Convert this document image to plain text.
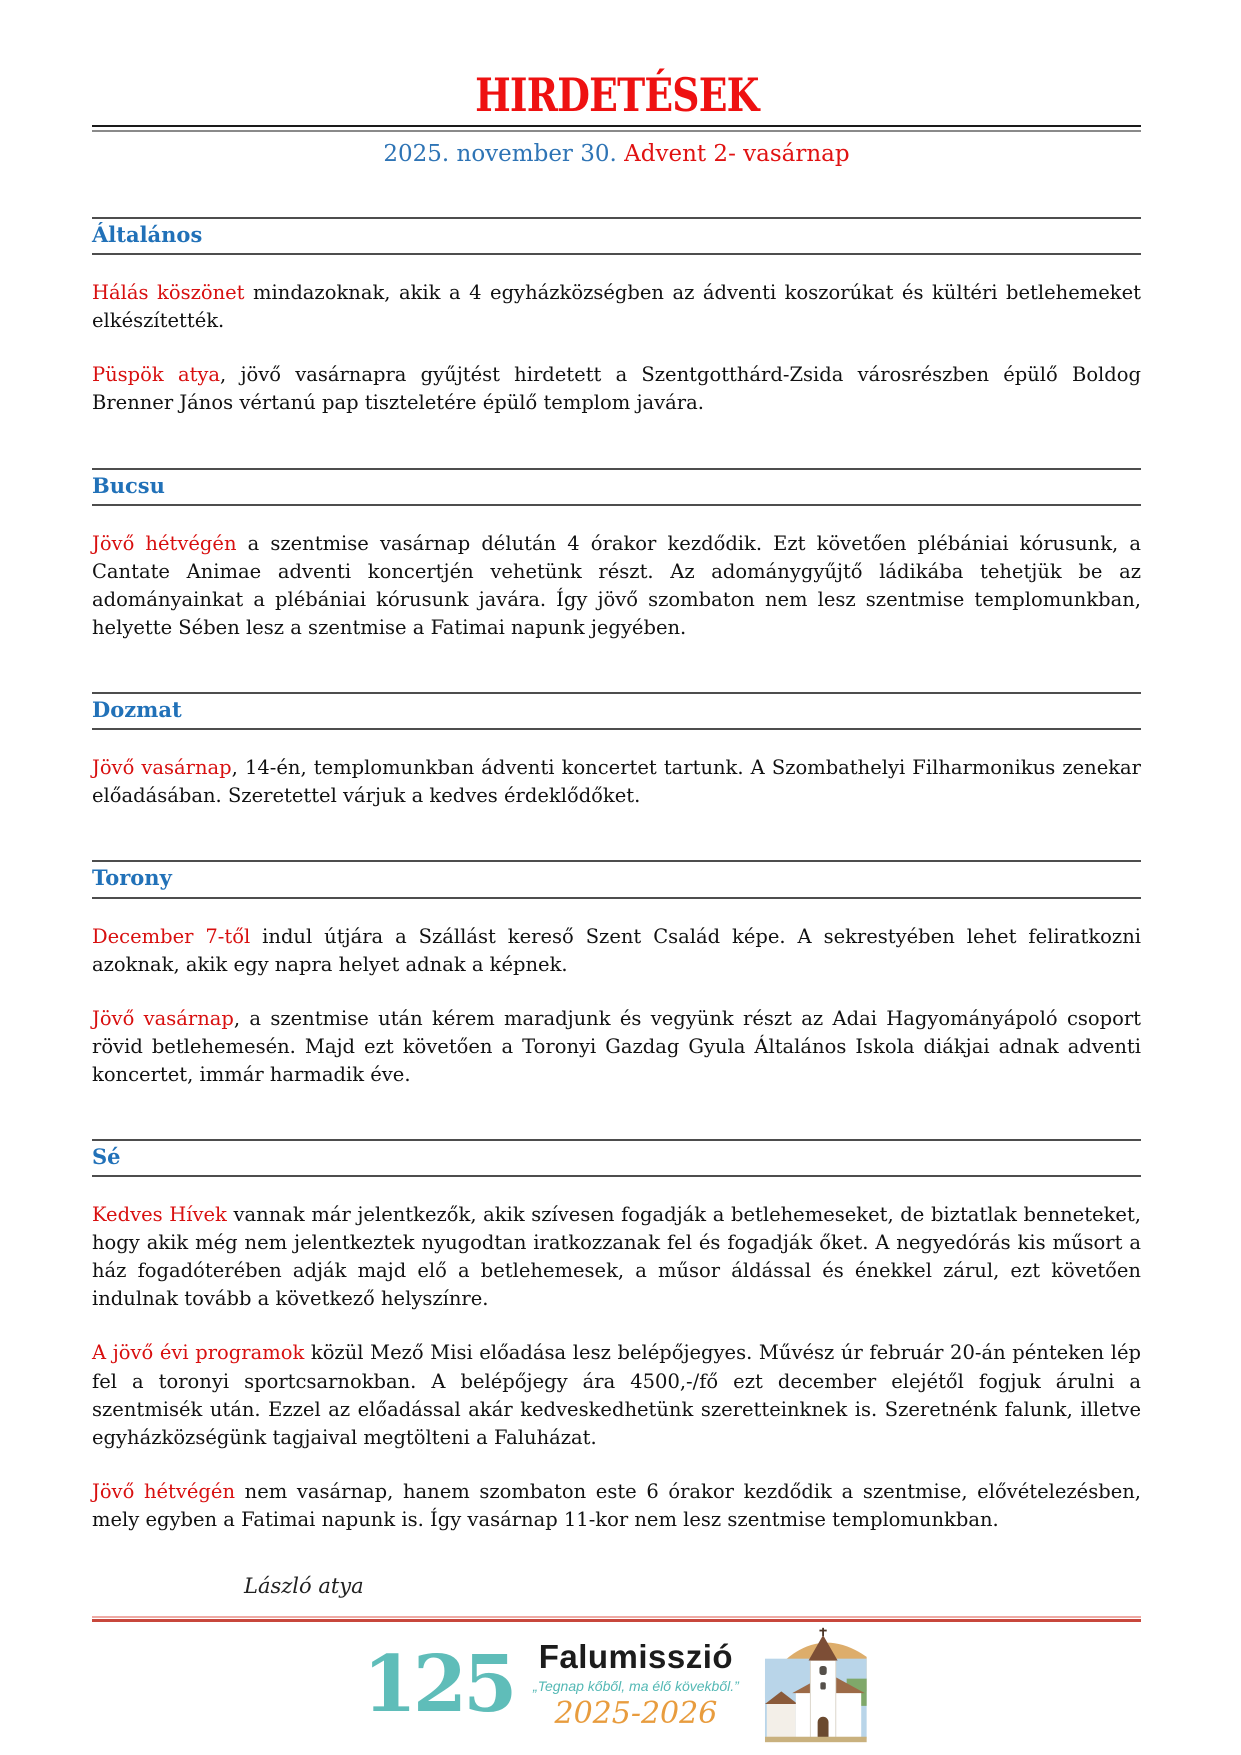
HIRDETÉSEK
2025. november 30. Advent 2- vasárnap
Általános

Hálás köszönet mindazoknak, akik a 4 egyházközségben az ádventi koszorúkat és kültéri betlehemeket elkészítették.

Püspök atya, jövő vasárnapra gyűjtést hirdetett a Szentgotthárd-Zsida városrészben épülő Boldog Brenner János vértanú pap tiszteletére épülő templom javára.

Bucsu

Jövő hétvégén a szentmise vasárnap délután 4 órakor kezdődik. Ezt követően plébániai kórusunk, a Cantate Animae adventi koncertjén vehetünk részt. Az adománygyűjtő ládikába tehetjük be az adományainkat a plébániai kórusunk javára. Így jövő szombaton nem lesz szentmise templomunkban, helyette Sében lesz a szentmise a Fatimai napunk jegyében.

Dozmat

Jövő vasárnap, 14-én, templomunkban ádventi koncertet tartunk. A Szombathelyi Filharmonikus zenekar előadásában. Szeretettel várjuk a kedves érdeklődőket.

Torony

December 7-től indul útjára a Szállást kereső Szent Család képe. A sekrestyében lehet feliratkozni azoknak, akik egy napra helyet adnak a képnek.

Jövő vasárnap, a szentmise után kérem maradjunk és vegyünk részt az Adai Hagyományápoló csoport rövid betlehemesén. Majd ezt követően a Toronyi Gazdag Gyula Általános Iskola diákjai adnak adventi koncertet, immár harmadik éve.

Sé

Kedves Hívek vannak már jelentkezők, akik szívesen fogadják a betlehemeseket, de biztatlak benneteket, hogy akik még nem jelentkeztek nyugodtan iratkozzanak fel és fogadják őket. A negyedórás kis műsort a ház fogadóterében adják majd elő a betlehemesek, a műsor áldással és énekkel zárul, ezt követően indulnak tovább a következő helyszínre.

A jövő évi programok közül Mező Misi előadása lesz belépőjegyes. Művész úr február 20-án pénteken lép fel a toronyi sportcsarnokban. A belépőjegy ára 4500,-/fő ezt december elejétől fogjuk árulni a szentmisék után. Ezzel az előadással akár kedveskedhetünk szeretteinknek is. Szeretnénk falunk, illetve egyházközségünk tagjaival megtölteni a Faluházat.

Jövő hétvégén nem vasárnap, hanem szombaton este 6 órakor kezdődik a szentmise, elővételezésben, mely egyben a Fatimai napunk is. Így vasárnap 11-kor nem lesz szentmise templomunkban.

László atya
125 Falumisszió
„Tegnap kőből, ma élő kövekből.”
2025-2026
